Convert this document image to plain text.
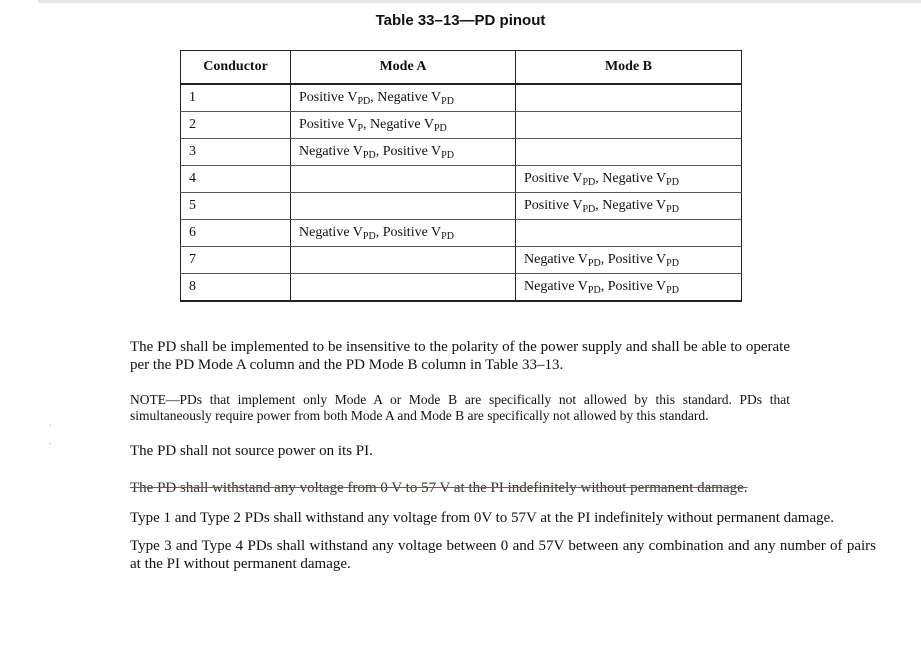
Table 33–13—PD pinout
Conductor	Mode A	Mode B
1	Positive $V_{PD}$, Negative $V_{PD}$	
2	Positive $V_P$, Negative $V_{PD}$	
3	Negative $V_{PD}$, Positive $V_{PD}$	
4		Positive $V_{PD}$, Negative $V_{PD}$
5		Positive $V_{PD}$, Negative $V_{PD}$
6	Negative $V_{PD}$, Positive $V_{PD}$	
7		Negative $V_{PD}$, Positive $V_{PD}$
8		Negative $V_{PD}$, Positive $V_{PD}$

The PD shall be implemented to be insensitive to the polarity of the power supply and shall be able to operate per the PD Mode A column and the PD Mode B column in Table 33–13.

NOTE—PDs that implement only Mode A or Mode B are specifically not allowed by this standard. PDs that simultaneously require power from both Mode A and Mode B are specifically not allowed by this standard.

The PD shall not source power on its PI.

The PD shall withstand any voltage from 0 V to 57 V at the PI indefinitely without permanent damage.

Type 1 and Type 2 PDs shall withstand any voltage from 0V to 57V at the PI indefinitely without permanent damage.

Type 3 and Type 4 PDs shall withstand any voltage between 0 and 57V between any combination and any number of pairs at the PI without permanent damage.
